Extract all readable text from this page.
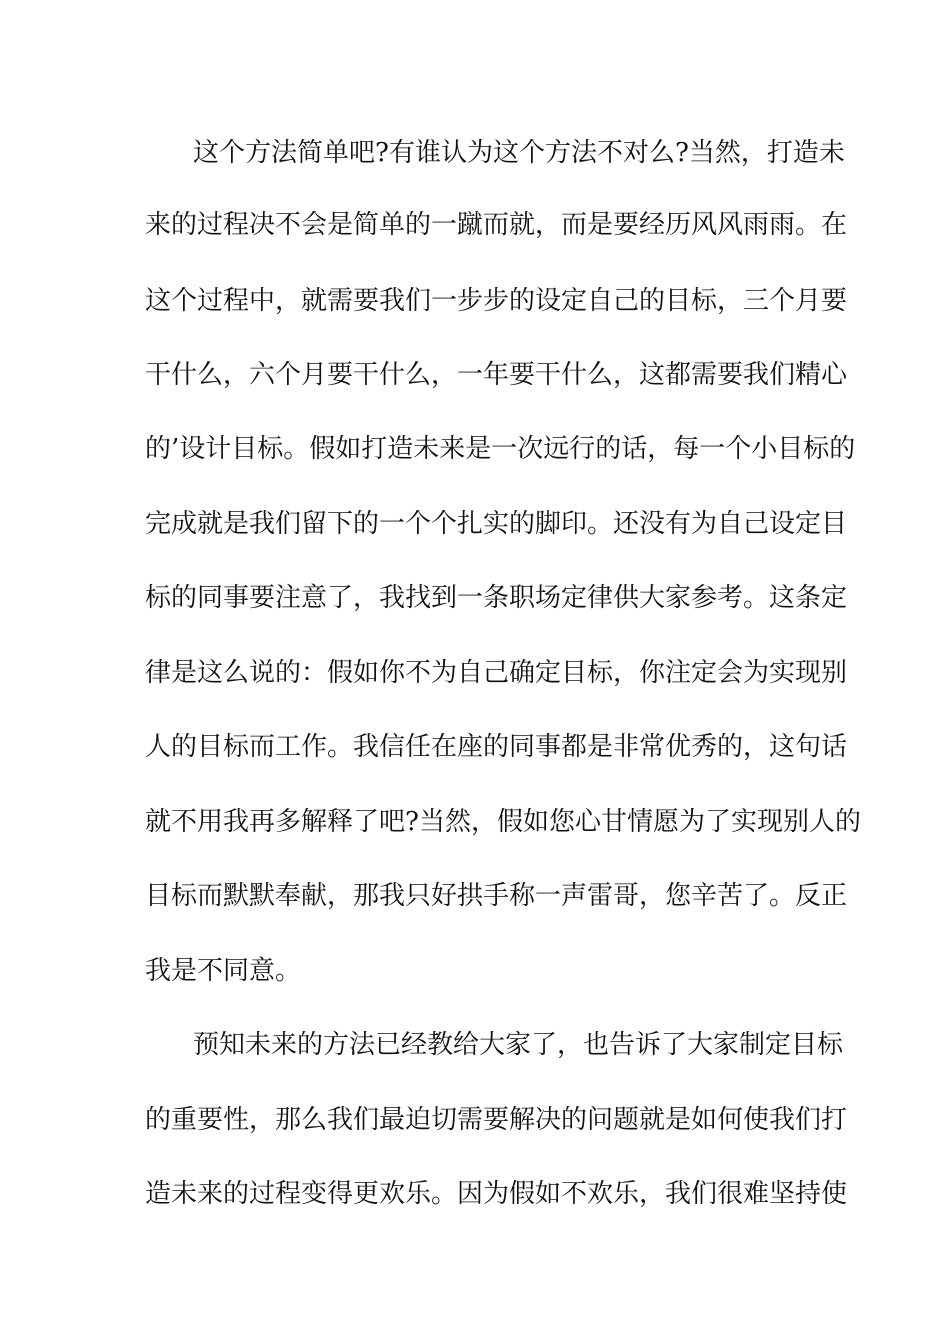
这个方法简单吧?有谁认为这个方法不对么?当然，打造未
来的过程决不会是简单的一蹴而就，而是要经历风风雨雨。在
这个过程中，就需要我们一步步的设定自己的目标，三个月要
干什么，六个月要干什么，一年要干什么，这都需要我们精心
的’设计目标。假如打造未来是一次远行的话，每一个小目标的
完成就是我们留下的一个个扎实的脚印。还没有为自己设定目
标的同事要注意了，我找到一条职场定律供大家参考。这条定
律是这么说的：假如你不为自己确定目标，你注定会为实现别
人的目标而工作。我信任在座的同事都是非常优秀的，这句话
就不用我再多解释了吧?当然，假如您心甘情愿为了实现别人的
目标而默默奉献，那我只好拱手称一声雷哥，您辛苦了。反正
我是不同意。
预知未来的方法已经教给大家了，也告诉了大家制定目标
的重要性，那么我们最迫切需要解决的问题就是如何使我们打
造未来的过程变得更欢乐。因为假如不欢乐，我们很难坚持使
